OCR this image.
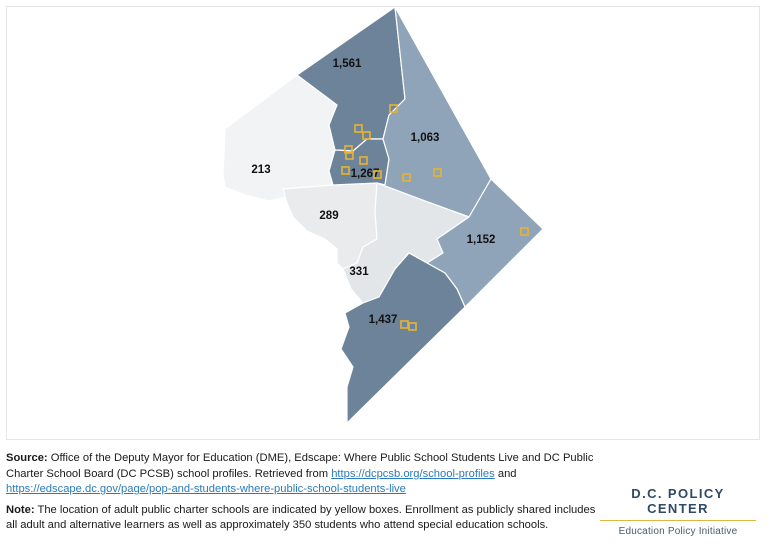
1,561
1,063
213	1,267
289
1,152
331
1,437

Source: Office of the Deputy Mayor for Education (DME), Edscape: Where Public School Students Live and DC Public Charter School Board (DC PCSB) school profiles. Retrieved from https://dcpcsb.org/school-profiles and https://edscape.dc.gov/page/pop-and-students-where-public-school-students-live

Note: The location of adult public charter schools are indicated by yellow boxes. Enrollment as publicly shared includes all adult and alternative learners as well as approximately 350 students who attend special education schools.

D.C. POLICY CENTER
Education Policy Initiative
